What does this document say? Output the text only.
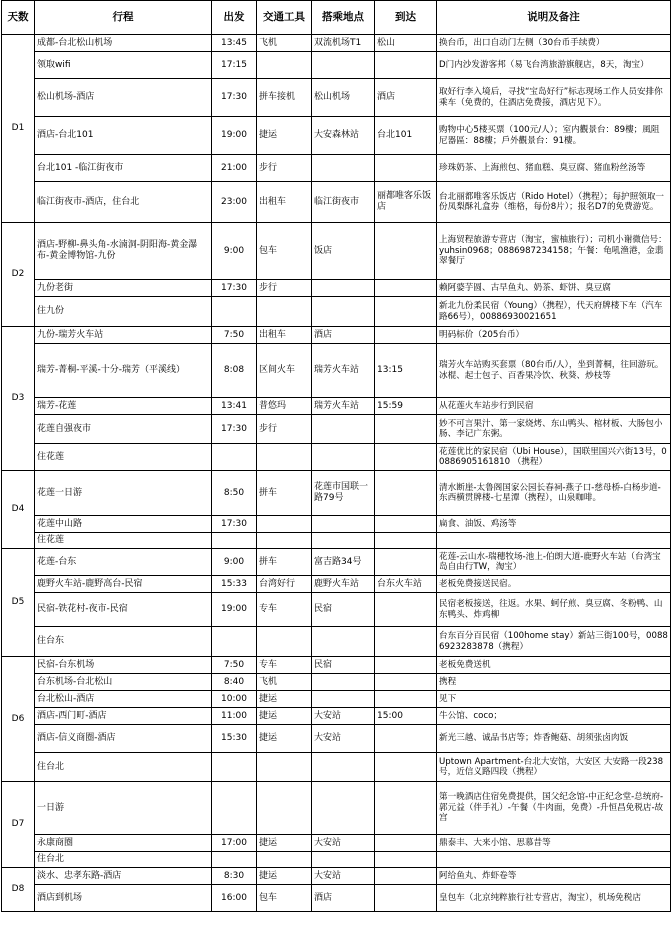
天数	行程	出发	交通工具	搭乘地点	到达	说明及备注
D1	成都-台北松山机场	13:45	飞机	双流机场T1	松山	换台币，出口自动门左侧（30台币手续费）
	领取wifi	17:15				D门内沙发游客邦（易飞台湾旅游旗舰店，8天，淘宝）
	松山机场-酒店	17:30	拼车接机	松山机场	酒店	取好行李入境后，寻找“宝岛好行”标志现场工作人员安排你乘车（免费的，住酒店免费接，酒店见下）。
	酒店-台北101	19:00	捷运	大安森林站	台北101	购物中心5楼买票（100元/人）；室内觀景台：89樓；風阻尼器區：88樓；戶外觀景台：91樓。
	台北101 -临江街夜市	21:00	步行			珍珠奶茶、上海煎包、猪血糕、臭豆腐、猪血粉丝汤等
	临江街夜市-酒店，住台北	23:00	出租车	临江街夜市	丽都唯客乐饭店	台北丽都唯客乐饭店（Rido Hotel）（携程）；每护照领取一份凤梨酥礼盒券（维格，每份8片）；报名D7的免费游览。
D2	酒店-野柳-鼻头角-水湳洞-阴阳海-黄金瀑布-黄金博物馆-九份	9:00	包车	饭店		上海贸程旅游专营店（淘宝，蜜柚旅行）；司机小谢微信号：yuhsin0968；0886987234158；午餐：龟吼渔港，金翡翠餐厅
	九份老街	17:30	步行			赖阿婆芋圆、古早鱼丸、奶茶、虾饼、臭豆腐
	住九份					新北九份柔民宿（Young）（携程），代天府牌楼下车（汽车路66号），00886930021651
D3	九份-瑞芳火车站	7:50	出租车	酒店		明码标价（205台币）
	瑞芳-菁桐-平溪-十分-瑞芳（平溪线）	8:08	区间火车	瑞芳火车站	13:15	瑞芳火车站购买套票（80台币/人），坐到菁桐，往回游玩。冰棍、起士包子、百香果冷饮、秋葵、炒枝等
	瑞芳-花莲	13:41	普悠玛	瑞芳火车站	15:59	从花莲火车站步行到民宿
	花莲自强夜市	17:30	步行			妙不可言果汁、第一家烧烤、东山鸭头、棺材板、大肠包小肠、李记广东粥。
	住花莲					花莲优比的家民宿（Ubi House），国联里国兴六街13号，00886905161810 （携程）
D4	花莲一日游	8:50	拼车	花莲市国联一路79号		清水断崖-太鲁阁国家公园长春祠-燕子口-慈母桥-白杨步道-东西横贯牌楼-七星潭（携程），山泉咖啡。
	花莲中山路	17:30				扁食、油饭、鸡汤等
	住花莲					
D5	花莲-台东	9:00	拼车	富吉路34号		花莲-云山水-瑞穗牧场-池上-伯朗大道-鹿野火车站（台湾宝岛自由行TW，淘宝）
	鹿野火车站-鹿野高台-民宿	15:33	台湾好行	鹿野火车站	台东火车站	老板免费接送民宿。
	民宿-铁花村-夜市-民宿	19:00	专车	民宿		民宿老板接送，往返。水果、蚵仔煎、臭豆腐、冬粉鸭、山东鸭头、炸鸡柳
	住台东					台东百分百民宿（100home stay）新站三街100号，00886923283878（携程）
D6	民宿-台东机场	7:50	专车	民宿		老板免费送机
	台东机场-台北松山	8:40	飞机			携程
	台北松山-酒店	10:00	捷运			见下
	酒店-西门町-酒店	11:00	捷运	大安站	15:00	牛公馆、coco；
	酒店-信义商圈-酒店	15:30	捷运	大安站		新光三越、诚品书店等；炸香鲍菇、胡须张卤肉饭
	住台北					Uptown Apartment-台北大安馆，大安区 大安路一段238号，近信义路四段（携程）
D7	一日游					第一晚酒店住宿免费提供，国父纪念馆-中正纪念堂-总统府-郭元益（伴手礼）-午餐（牛肉面，免费）-升恒昌免税店-故宫
	永康商圈	17:00	捷运	大安站		鼎泰丰、大来小馆、思慕昔等
	住台北					
D8	淡水、忠孝东路-酒店	8:30	捷运	大安站		阿给鱼丸、炸虾卷等
	酒店到机场	16:00	包车	酒店		皇包车（北京纯粹旅行社专营店，淘宝），机场免税店
